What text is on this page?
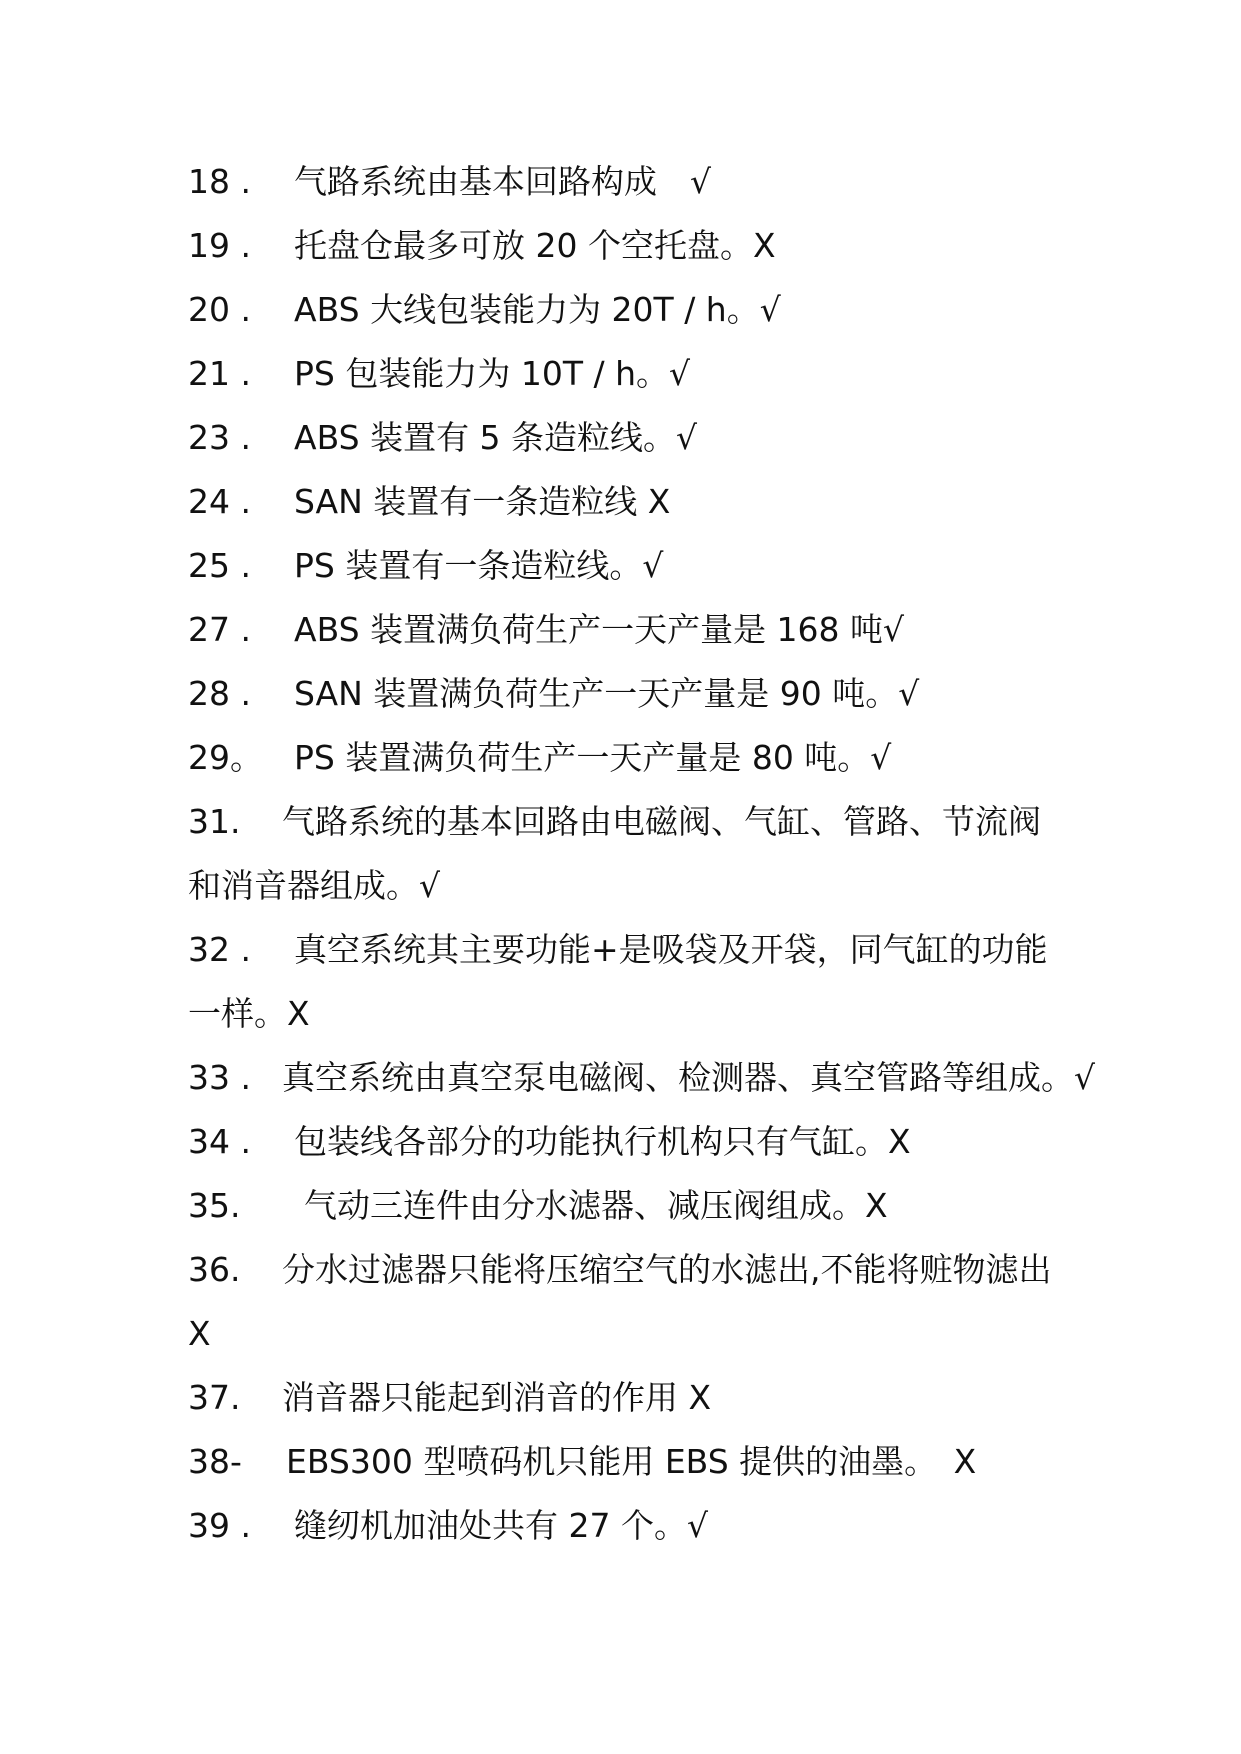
18 . 气路系统由基本回路构成　√
19 . 托盘仓最多可放 20 个空托盘。X
20 . ABS 大线包装能力为 20T / h。√
21 . PS 包装能力为 10T / h。√
23 . ABS 装置有 5 条造粒线。√
24 . SAN 装置有一条造粒线 X
25 . PS 装置有一条造粒线。√
27 . ABS 装置满负荷生产一天产量是 168 吨√
28 . SAN 装置满负荷生产一天产量是 90 吨。√
29。 PS 装置满负荷生产一天产量是 80 吨。√
31. 气路系统的基本回路由电磁阀、气缸、管路、节流阀
和消音器组成。√
32 . 真空系统其主要功能+是吸袋及开袋，同气缸的功能
一样。X
33 . 真空系统由真空泵电磁阀、检测器、真空管路等组成。√
34 . 包装线各部分的功能执行机构只有气缸。X
35. 气动三连件由分水滤器、减压阀组成。X
36. 分水过滤器只能将压缩空气的水滤出,不能将赃物滤出
X
37. 消音器只能起到消音的作用 X
38- EBS300 型喷码机只能用 EBS 提供的油墨。　X
39 . 缝纫机加油处共有 27 个。√
